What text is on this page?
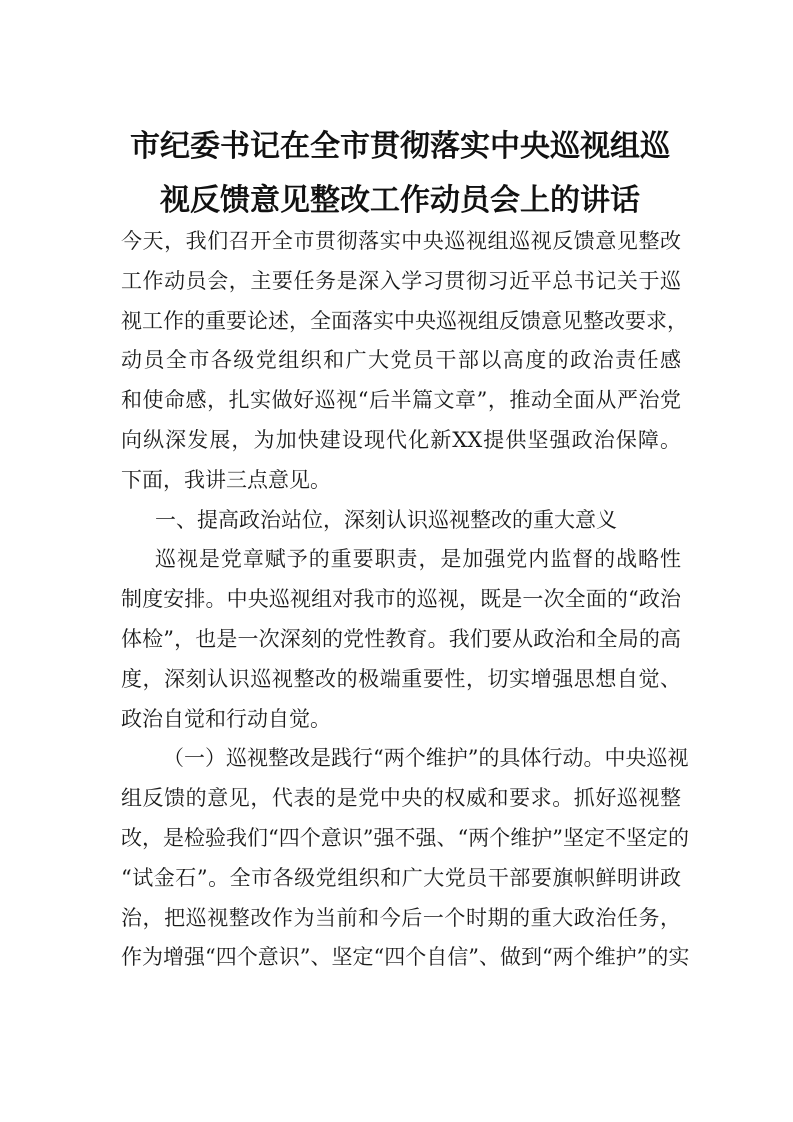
市纪委书记在全市贯彻落实中央巡视组巡
视反馈意见整改工作动员会上的讲话
今天，我们召开全市贯彻落实中央巡视组巡视反馈意见整改
工作动员会，主要任务是深入学习贯彻习近平总书记关于巡
视工作的重要论述，全面落实中央巡视组反馈意见整改要求，
动员全市各级党组织和广大党员干部以高度的政治责任感
和使命感，扎实做好巡视“后半篇文章”，推动全面从严治党
向纵深发展，为加快建设现代化新XX提供坚强政治保障。
下面，我讲三点意见。
一、提高政治站位，深刻认识巡视整改的重大意义
巡视是党章赋予的重要职责，是加强党内监督的战略性
制度安排。中央巡视组对我市的巡视，既是一次全面的“政治
体检”，也是一次深刻的党性教育。我们要从政治和全局的高
度，深刻认识巡视整改的极端重要性，切实增强思想自觉、
政治自觉和行动自觉。
（一）巡视整改是践行“两个维护”的具体行动。中央巡视
组反馈的意见，代表的是党中央的权威和要求。抓好巡视整
改，是检验我们“四个意识”强不强、“两个维护”坚定不坚定的
“试金石”。全市各级党组织和广大党员干部要旗帜鲜明讲政
治，把巡视整改作为当前和今后一个时期的重大政治任务，
作为增强“四个意识”、坚定“四个自信”、做到“两个维护”的实
